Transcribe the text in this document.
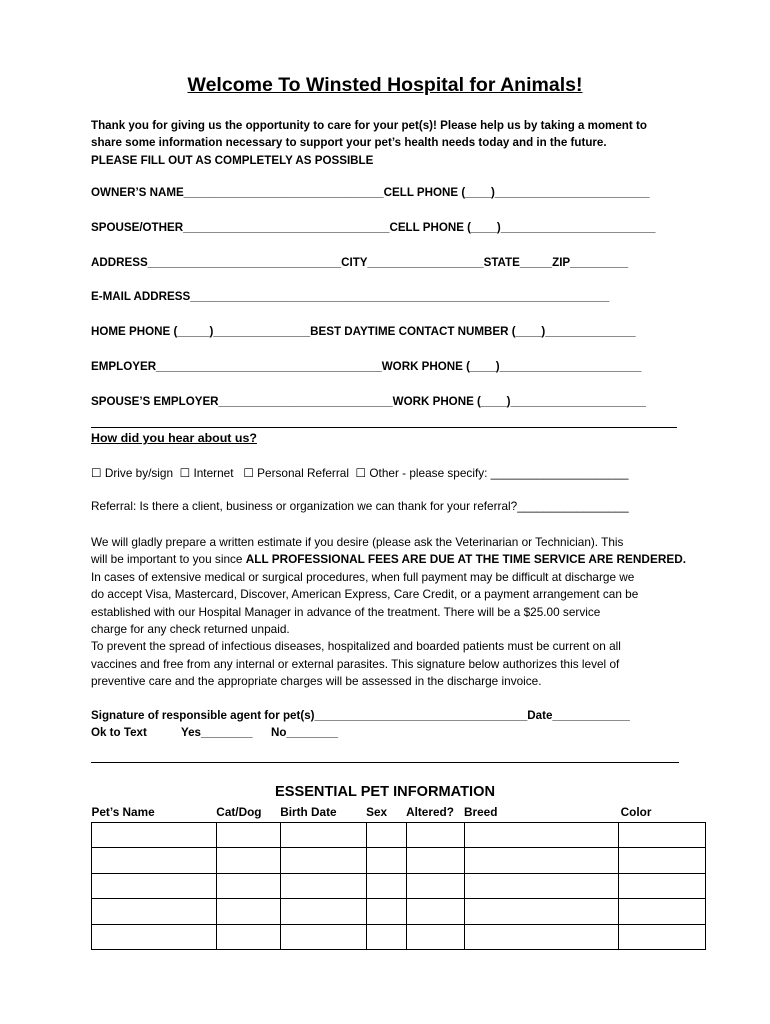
Welcome To Winsted Hospital for Animals!

Thank you for giving us the opportunity to care for your pet(s)! Please help us by taking a moment to

share some information necessary to support your pet’s health needs today and in the future.

PLEASE FILL OUT AS COMPLETELY AS POSSIBLE

OWNER’S NAME_______________________________CELL PHONE (____)________________________
SPOUSE/OTHER________________________________CELL PHONE (____)________________________
ADDRESS______________________________CITY__________________STATE_____ZIP_________
E-MAIL ADDRESS_________________________________________________________________
HOME PHONE (_____)_______________BEST DAYTIME CONTACT NUMBER (____)______________
EMPLOYER___________________________________WORK PHONE (____)______________________
SPOUSE’S EMPLOYER___________________________WORK PHONE (____)_____________________
How did you hear about us?
☐ Drive by/sign ☐ Internet ☐ Personal Referral ☐ Other - please specify: _____________________
Referral: Is there a client, business or organization we can thank for your referral?_________________

We will gladly prepare a written estimate if you desire (please ask the Veterinarian or Technician). This

will be important to you since ALL PROFESSIONAL FEES ARE DUE AT THE TIME SERVICE ARE RENDERED.

In cases of extensive medical or surgical procedures, when full payment may be difficult at discharge we

do accept Visa, Mastercard, Discover, American Express, Care Credit, or a payment arrangement can be

established with our Hospital Manager in advance of the treatment. There will be a $25.00 service

charge for any check returned unpaid.

To prevent the spread of infectious diseases, hospitalized and boarded patients must be current on all

vaccines and free from any internal or external parasites. This signature below authorizes this level of

preventive care and the appropriate charges will be assessed in the discharge invoice.

Signature of responsible agent for pet(s)_________________________________Date____________

Ok to Text	Yes________ No________

ESSENTIAL PET INFORMATION
Pet’s Name	Cat/Dog	Birth Date	Sex	Altered?	Breed	Color
